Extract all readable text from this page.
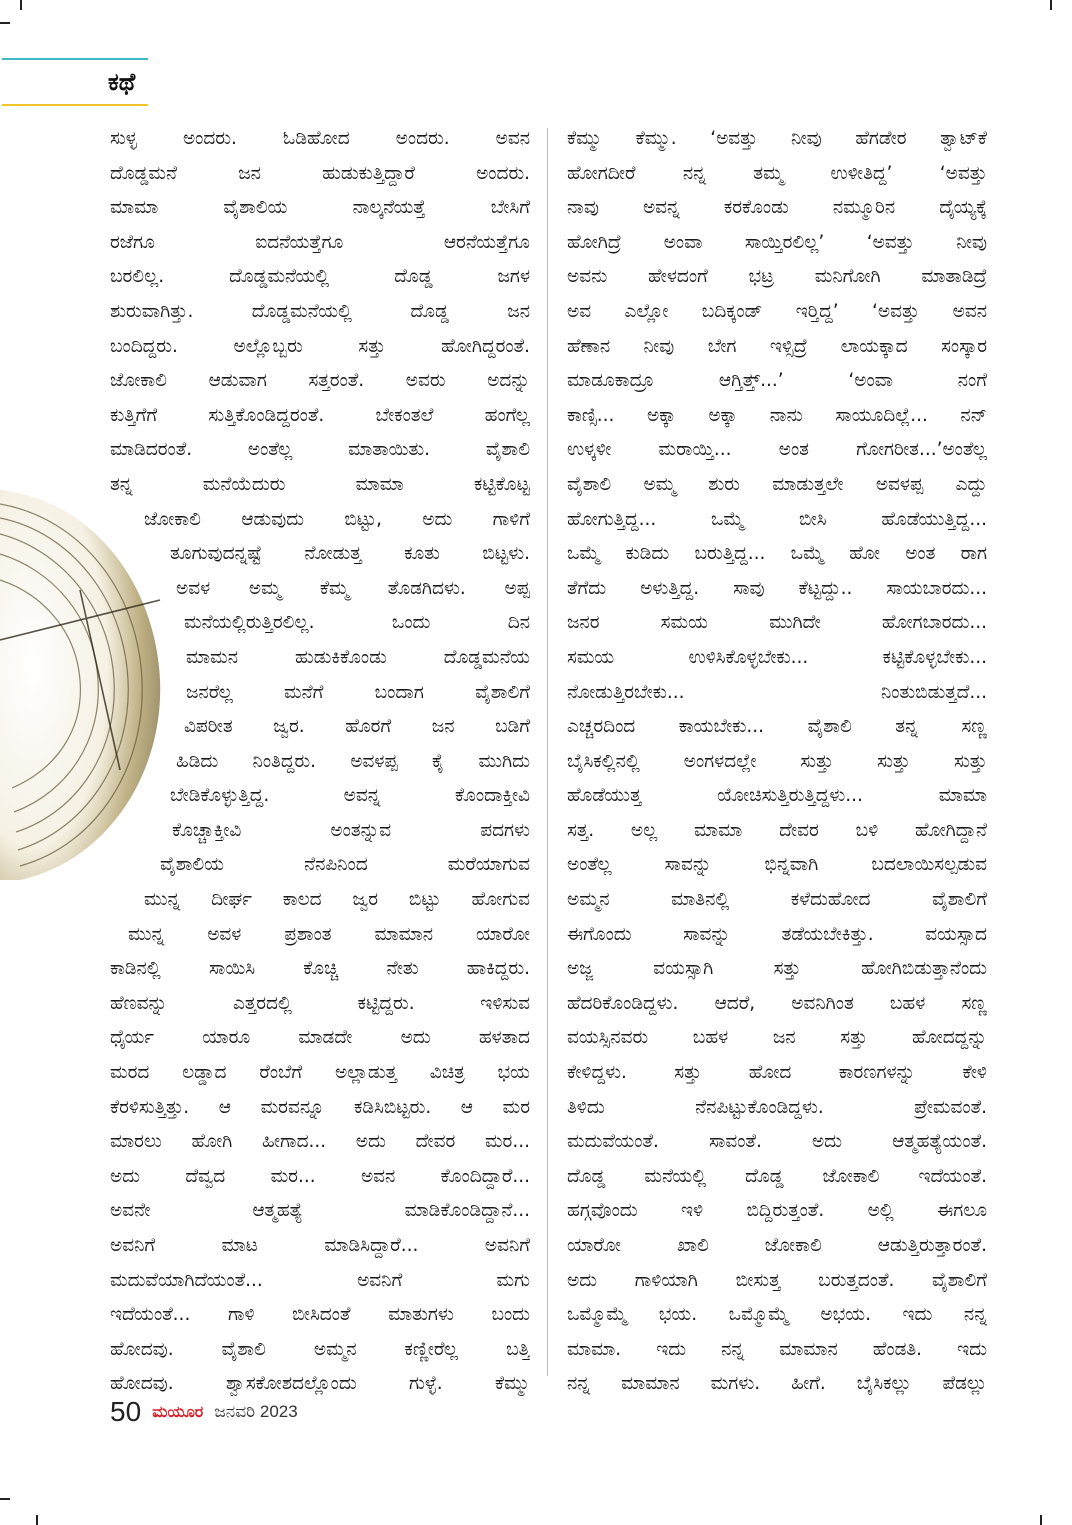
ಕಥೆ
ಸುಳ್ಳ ಅಂದರು. ಓಡಿಹೋದ ಅಂದರು. ಅವನ
ದೊಡ್ಡಮನೆ ಜನ ಹುಡುಕುತ್ತಿದ್ದಾರೆ ಅಂದರು.
ಮಾಮಾ ವೈಶಾಲಿಯ ನಾಲ್ಕನೆಯತ್ತೆ ಬೇಸಿಗೆ
ರಜೆಗೂ ಐದನೆಯತ್ತೆಗೂ ಆರನೆಯತ್ತೆಗೂ
ಬರಲಿಲ್ಲ. ದೊಡ್ಡಮನೆಯಲ್ಲಿ ದೊಡ್ಡ ಜಗಳ
ಶುರುವಾಗಿತ್ತು. ದೊಡ್ಡಮನೆಯಲ್ಲಿ ದೊಡ್ಡ ಜನ
ಬಂದಿದ್ದರು. ಅಲ್ಲೊಬ್ಬರು ಸತ್ತು ಹೋಗಿದ್ದರಂತೆ.
ಜೋಕಾಲಿ ಆಡುವಾಗ ಸತ್ತರಂತೆ. ಅವರು ಅದನ್ನು
ಕುತ್ತಿಗೆಗೆ ಸುತ್ತಿಕೊಂಡಿದ್ದರಂತೆ. ಬೇಕಂತಲೆ ಹಂಗೆಲ್ಲ
ಮಾಡಿದರಂತೆ. ಅಂತೆಲ್ಲ ಮಾತಾಯಿತು. ವೈಶಾಲಿ
ತನ್ನ ಮನೆಯೆದುರು ಮಾಮಾ ಕಟ್ಟಿಕೊಟ್ಟ
ಜೋಕಾಲಿ ಆಡುವುದು ಬಿಟ್ಟು, ಅದು ಗಾಳಿಗೆ
ತೂಗುವುದನ್ನಷ್ಟೆ ನೋಡುತ್ತ ಕೂತು ಬಿಟ್ಟಳು.
ಅವಳ ಅಮ್ಮ ಕೆಮ್ಮ ತೊಡಗಿದಳು. ಅಪ್ಪ
ಮನೆಯಲ್ಲಿರುತ್ತಿರಲಿಲ್ಲ. ಒಂದು ದಿನ
ಮಾಮನ ಹುಡುಕಿಕೊಂಡು ದೊಡ್ಡಮನೆಯ
ಜನರೆಲ್ಲ ಮನೆಗೆ ಬಂದಾಗ ವೈಶಾಲಿಗೆ
ವಿಪರೀತ ಜ್ವರ. ಹೊರಗೆ ಜನ ಬಡಿಗೆ
ಹಿಡಿದು ನಿಂತಿದ್ದರು. ಅವಳಪ್ಪ ಕೈ ಮುಗಿದು
ಬೇಡಿಕೊಳ್ಳುತ್ತಿದ್ದ. ಅವನ್ನ ಕೊಂದಾಕ್ತೀವಿ
ಕೊಚ್ಚಾಕ್ತೀವಿ ಅಂತನ್ನುವ ಪದಗಳು
ವೈಶಾಲಿಯ ನೆನಪಿನಿಂದ ಮರೆಯಾಗುವ
ಮುನ್ನ ದೀರ್ಘ ಕಾಲದ ಜ್ವರ ಬಿಟ್ಟು ಹೋಗುವ
ಮುನ್ನ ಅವಳ ಪ್ರಶಾಂತ ಮಾಮಾನ ಯಾರೋ
ಕಾಡಿನಲ್ಲಿ ಸಾಯಿಸಿ ಕೊಚ್ಚಿ ನೇತು ಹಾಕಿದ್ದರು.
ಹೆಣವನ್ನು ಎತ್ತರದಲ್ಲಿ ಕಟ್ಟಿದ್ದರು. ಇಳಿಸುವ
ಧೈರ್ಯ ಯಾರೂ ಮಾಡದೇ ಅದು ಹಳತಾದ
ಮರದ ಲಡ್ಡಾದ ರೆಂಬೆಗೆ ಅಲ್ಲಾಡುತ್ತ ವಿಚಿತ್ರ ಭಯ
ಕೆರಳಿಸುತ್ತಿತ್ತು. ಆ ಮರವನ್ನೂ ಕಡಿಸಿಬಿಟ್ಟರು. ಆ ಮರ
ಮಾರಲು ಹೋಗಿ ಹೀಗಾದ... ಅದು ದೇವರ ಮರ...
ಅದು ದೆವ್ವದ ಮರ... ಅವನ ಕೊಂದಿದ್ದಾರೆ...
ಅವನೇ ಆತ್ಮಹತ್ಯೆ ಮಾಡಿಕೊಂಡಿದ್ದಾನೆ...
ಅವನಿಗೆ ಮಾಟ ಮಾಡಿಸಿದ್ದಾರೆ... ಅವನಿಗೆ
ಮದುವೆಯಾಗಿದೆಯಂತೆ... ಅವನಿಗೆ ಮಗು
ಇದೆಯಂತೆ... ಗಾಳಿ ಬೀಸಿದಂತೆ ಮಾತುಗಳು ಬಂದು
ಹೋದವು. ವೈಶಾಲಿ ಅಮ್ಮನ ಕಣ್ಣೀರೆಲ್ಲ ಬತ್ತಿ
ಹೋದವು. ಶ್ವಾಸಕೋಶದಲ್ಲೊಂದು ಗುಳ್ಳೆ. ಕೆಮ್ಮು
ಕೆಮ್ಮು ಕೆಮ್ಮು. ‘ಅವತ್ತು ನೀವು ಹೆಗಡೇರ ತ್ವಾಟ್‌ಕೆ
ಹೋಗದೀರೆ ನನ್ನ ತಮ್ಮ ಉಳೀತಿದ್ದ’ ‘ಅವತ್ತು
ನಾವು ಅವನ್ನ ಕರಕೊಂಡು ನಮ್ಮೂರಿನ ದೈಯ್ಯಕ್ಕೆ
ಹೋಗಿದ್ರೆ ಅಂವಾ ಸಾಯ್ತಿರಲಿಲ್ಲ’ ‘ಅವತ್ತು ನೀವು
ಅವನು ಹೇಳದಂಗೆ ಭಟ್ರ ಮನಿಗೋಗಿ ಮಾತಾಡಿದ್ರೆ
ಅವ ಎಲ್ಲೋ ಬದಿಕ್ಕಂಡ್ ಇರ್‍ತಿದ್ದ’ ‘ಅವತ್ತು ಅವನ
ಹೆಣಾನ ನೀವು ಬೇಗ ಇಳ್ಸಿದ್ರೆ ಲಾಯಕ್ಕಾದ ಸಂಸ್ಕಾರ
ಮಾಡೂಕಾದ್ರೂ ಆಗ್ತಿತ್ತ್...’ ‘ಅಂವಾ ನಂಗೆ
ಕಾಣ್ಸಿ... ಅಕ್ಕಾ ಅಕ್ಕಾ ನಾನು ಸಾಯೂದಿಲ್ಲೆ... ನನ್
ಉಳ್ಕಳೀ ಮರಾಯ್ತಿ... ಅಂತ ಗೋಗರೀತ...’ಅಂತೆಲ್ಲ
ವೈಶಾಲಿ ಅಮ್ಮ ಶುರು ಮಾಡುತ್ತಲೇ ಅವಳಪ್ಪ ಎದ್ದು
ಹೋಗುತ್ತಿದ್ದ... ಒಮ್ಮೆ ಬೀಸಿ ಹೊಡೆಯುತ್ತಿದ್ದ...
ಒಮ್ಮೆ ಕುಡಿದು ಬರುತ್ತಿದ್ದ... ಒಮ್ಮೆ ಹೋ ಅಂತ ರಾಗ
ತೆಗೆದು ಅಳುತ್ತಿದ್ದ. ಸಾವು ಕೆಟ್ಟದ್ದು.. ಸಾಯಬಾರದು...
ಜನರ ಸಮಯ ಮುಗಿದೇ ಹೋಗಬಾರದು...
ಸಮಯ ಉಳಿಸಿಕೊಳ್ಳಬೇಕು... ಕಟ್ಟಿಕೊಳ್ಳಬೇಕು...
ನೋಡುತ್ತಿರಬೇಕು... ನಿಂತುಬಿಡುತ್ತದೆ...
ಎಚ್ಚರದಿಂದ ಕಾಯಬೇಕು... ವೈಶಾಲಿ ತನ್ನ ಸಣ್ಣ
ಬೈಸಿಕಲ್ಲಿನಲ್ಲಿ ಅಂಗಳದಲ್ಲೇ ಸುತ್ತು ಸುತ್ತು ಸುತ್ತು
ಹೊಡೆಯುತ್ತ ಯೋಚಿಸುತ್ತಿರುತ್ತಿದ್ದಳು... ಮಾಮಾ
ಸತ್ತ. ಅಲ್ಲ ಮಾಮಾ ದೇವರ ಬಳಿ ಹೋಗಿದ್ದಾನೆ
ಅಂತೆಲ್ಲ ಸಾವನ್ನು ಭಿನ್ನವಾಗಿ ಬದಲಾಯಿಸಲ್ಪಡುವ
ಅಮ್ಮನ ಮಾತಿನಲ್ಲಿ ಕಳೆದುಹೋದ ವೈಶಾಲಿಗೆ
ಈಗೊಂದು ಸಾವನ್ನು ತಡೆಯಬೇಕಿತ್ತು. ವಯಸ್ಸಾದ
ಅಜ್ಜ ವಯಸ್ಸಾಗಿ ಸತ್ತು ಹೋಗಿಬಿಡುತ್ತಾನೆಂದು
ಹೆದರಿಕೊಂಡಿದ್ದಳು. ಆದರೆ, ಅವನಿಗಿಂತ ಬಹಳ ಸಣ್ಣ
ವಯಸ್ಸಿನವರು ಬಹಳ ಜನ ಸತ್ತು ಹೋದದ್ದನ್ನು
ಕೇಳಿದ್ದಳು. ಸತ್ತು ಹೋದ ಕಾರಣಗಳನ್ನು ಕೇಳಿ
ತಿಳಿದು ನೆನಪಿಟ್ಟುಕೊಂಡಿದ್ದಳು. ಪ್ರೇಮವಂತೆ.
ಮದುವೆಯಂತೆ. ಸಾವಂತೆ. ಅದು ಆತ್ಮಹತ್ಯೆಯಂತೆ.
ದೊಡ್ಡ ಮನೆಯಲ್ಲಿ ದೊಡ್ಡ ಜೋಕಾಲಿ ಇದೆಯಂತೆ.
ಹಗ್ಗವೊಂದು ಇಳಿ ಬಿದ್ದಿರುತ್ತಂತೆ. ಅಲ್ಲಿ ಈಗಲೂ
ಯಾರೋ ಖಾಲಿ ಜೋಕಾಲಿ ಆಡುತ್ತಿರುತ್ತಾರಂತೆ.
ಅದು ಗಾಳಿಯಾಗಿ ಬೀಸುತ್ತ ಬರುತ್ತದಂತೆ. ವೈಶಾಲಿಗೆ
ಒಮ್ಮೊಮ್ಮೆ ಭಯ. ಒಮ್ಮೊಮ್ಮೆ ಅಭಯ. ಇದು ನನ್ನ
ಮಾಮಾ. ಇದು ನನ್ನ ಮಾಮಾನ ಹೆಂಡತಿ. ಇದು
ನನ್ನ ಮಾಮಾನ ಮಗಳು. ಹೀಗೆ. ಬೈಸಿಕಲ್ಲು ಪೆಡಲ್ಲು
50 ಮಯೂರ ಜನವರಿ 2023
